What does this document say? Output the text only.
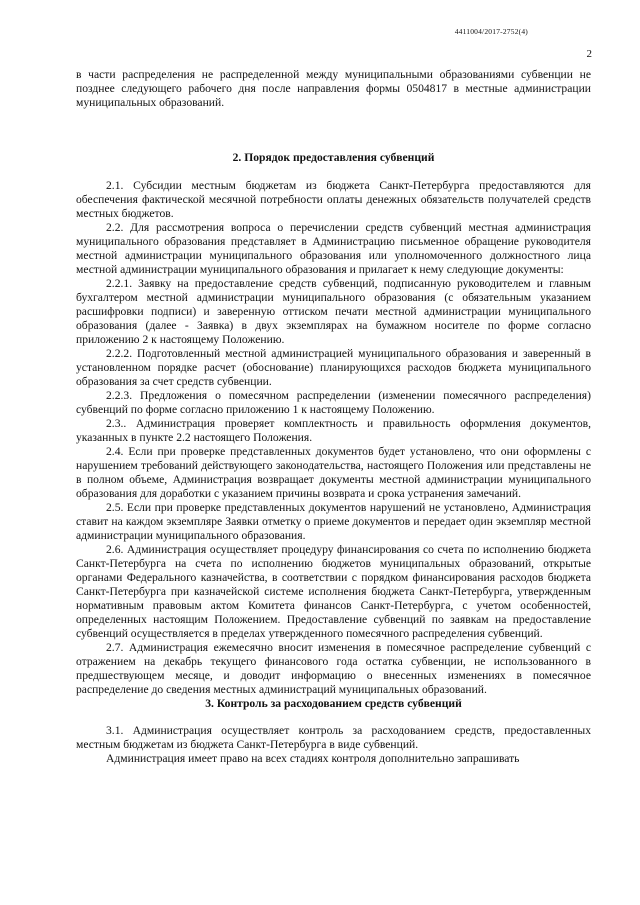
4411004/2017-2752(4)
2

в части распределения не распределенной между муниципальными образованиями субвенции не позднее следующего рабочего дня после направления формы 0504817 в местные администрации муниципальных образований.

2. Порядок предоставления субвенций

2.1. Субсидии местным бюджетам из бюджета Санкт-Петербурга предоставляются для обеспечения фактической месячной потребности оплаты денежных обязательств получателей средств местных бюджетов.

2.2. Для рассмотрения вопроса о перечислении средств субвенций местная администрация муниципального образования представляет в Администрацию письменное обращение руководителя местной администрации муниципального образования или уполномоченного должностного лица местной администрации муниципального образования и прилагает к нему следующие документы:

2.2.1. Заявку на предоставление средств субвенций, подписанную руководителем и главным бухгалтером местной администрации муниципального образования (с обязательным указанием расшифровки подписи) и заверенную оттиском печати местной администрации муниципального образования (далее - Заявка) в двух экземплярах на бумажном носителе по форме согласно приложению 2 к настоящему Положению.

2.2.2. Подготовленный местной администрацией муниципального образования и заверенный в установленном порядке расчет (обоснование) планирующихся расходов бюджета муниципального образования за счет средств субвенции.

2.2.3. Предложения о помесячном распределении (изменении помесячного распределения) субвенций по форме согласно приложению 1 к настоящему Положению.

2.3.. Администрация проверяет комплектность и правильность оформления документов, указанных в пункте 2.2 настоящего Положения.

2.4. Если при проверке представленных документов будет установлено, что они оформлены с нарушением требований действующего законодательства, настоящего Положения или представлены не в полном объеме, Администрация возвращает документы местной администрации муниципального образования для доработки с указанием причины возврата и срока устранения замечаний.

2.5. Если при проверке представленных документов нарушений не установлено, Администрация ставит на каждом экземпляре Заявки отметку о приеме документов и передает один экземпляр местной администрации муниципального образования.

2.6. Администрация осуществляет процедуру финансирования со счета по исполнению бюджета Санкт-Петербурга на счета по исполнению бюджетов муниципальных образований, открытые органами Федерального казначейства, в соответствии с порядком финансирования расходов бюджета Санкт-Петербурга при казначейской системе исполнения бюджета Санкт-Петербурга, утвержденным нормативным правовым актом Комитета финансов Санкт-Петербурга, с учетом особенностей, определенных настоящим Положением. Предоставление субвенций по заявкам на предоставление субвенций осуществляется в пределах утвержденного помесячного распределения субвенций.

2.7. Администрация ежемесячно вносит изменения в помесячное распределение субвенций с отражением на декабрь текущего финансового года остатка субвенции, не использованного в предшествующем месяце, и доводит информацию о внесенных изменениях в помесячное распределение до сведения местных администраций муниципальных образований.

3. Контроль за расходованием средств субвенций

3.1. Администрация осуществляет контроль за расходованием средств, предоставленных местным бюджетам из бюджета Санкт-Петербурга в виде субвенций.

Администрация имеет право на всех стадиях контроля дополнительно запрашивать
